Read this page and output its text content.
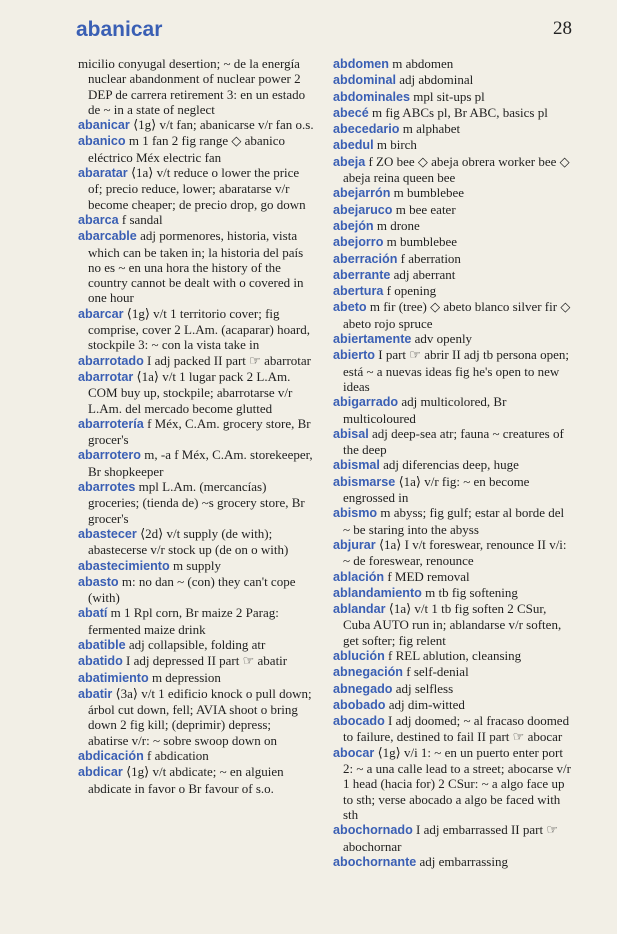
abanicar	28

micilio conyugal desertion; ~ de la energía nuclear abandonment of nuclear power 2 DEP de carrera retirement 3: en un estado de ~ in a state of neglect

abanicar ⟨1g⟩ v/t fan; abanicarse v/r fan o.s.

abanico m 1 fan 2 fig range ◇ abanico eléctrico Méx electric fan

abaratar ⟨1a⟩ v/t reduce o lower the price of; precio reduce, lower; abaratarse v/r become cheaper; de precio drop, go down

abarca f sandal

abarcable adj pormenores, historia, vista which can be taken in; la historia del país no es ~ en una hora the history of the country cannot be dealt with o covered in one hour

abarcar ⟨1g⟩ v/t 1 territorio cover; fig comprise, cover 2 L.Am. (acaparar) hoard, stockpile 3: ~ con la vista take in

abarrotado I adj packed II part ☞ abarrotar

abarrotar ⟨1a⟩ v/t 1 lugar pack 2 L.Am. COM buy up, stockpile; abarrotarse v/r L.Am. del mercado become glutted

abarrotería f Méx, C.Am. grocery store, Br grocer's

abarrotero m, -a f Méx, C.Am. storekeeper, Br shopkeeper

abarrotes mpl L.Am. (mercancías) groceries; (tienda de) ~s grocery store, Br grocer's

abastecer ⟨2d⟩ v/t supply (de with); abastecerse v/r stock up (de on o with)

abastecimiento m supply

abasto m: no dan ~ (con) they can't cope (with)

abatí m 1 Rpl corn, Br maize 2 Parag: fermented maize drink

abatible adj collapsible, folding atr

abatido I adj depressed II part ☞ abatir

abatimiento m depression

abatir ⟨3a⟩ v/t 1 edificio knock o pull down; árbol cut down, fell; AVIA shoot o bring down 2 fig kill; (deprimir) depress; abatirse v/r: ~ sobre swoop down on

abdicación f abdication

abdicar ⟨1g⟩ v/t abdicate; ~ en alguien abdicate in favor o Br favour of s.o.

abdomen m abdomen

abdominal adj abdominal

abdominales mpl sit-ups pl

abecé m fig ABCs pl, Br ABC, basics pl

abecedario m alphabet

abedul m birch

abeja f ZO bee ◇ abeja obrera worker bee ◇ abeja reina queen bee

abejarrón m bumblebee

abejaruco m bee eater

abejón m drone

abejorro m bumblebee

aberración f aberration

aberrante adj aberrant

abertura f opening

abeto m fir (tree) ◇ abeto blanco silver fir ◇ abeto rojo spruce

abiertamente adv openly

abierto I part ☞ abrir II adj tb persona open; está ~ a nuevas ideas fig he's open to new ideas

abigarrado adj multicolored, Br multicoloured

abisal adj deep-sea atr; fauna ~ creatures of the deep

abismal adj diferencias deep, huge

abismarse ⟨1a⟩ v/r fig: ~ en become engrossed in

abismo m abyss; fig gulf; estar al borde del ~ be staring into the abyss

abjurar ⟨1a⟩ I v/t foreswear, renounce II v/i: ~ de foreswear, renounce

ablación f MED removal

ablandamiento m tb fig softening

ablandar ⟨1a⟩ v/t 1 tb fig soften 2 CSur, Cuba AUTO run in; ablandarse v/r soften, get softer; fig relent

ablución f REL ablution, cleansing

abnegación f self-denial

abnegado adj selfless

abobado adj dim-witted

abocado I adj doomed; ~ al fracaso doomed to failure, destined to fail II part ☞ abocar

abocar ⟨1g⟩ v/i 1: ~ en un puerto enter port 2: ~ a una calle lead to a street; abocarse v/r 1 head (hacia for) 2 CSur: ~ a algo face up to sth; verse abocado a algo be faced with sth

abochornado I adj embarrassed II part ☞ abochornar

abochornante adj embarrassing
